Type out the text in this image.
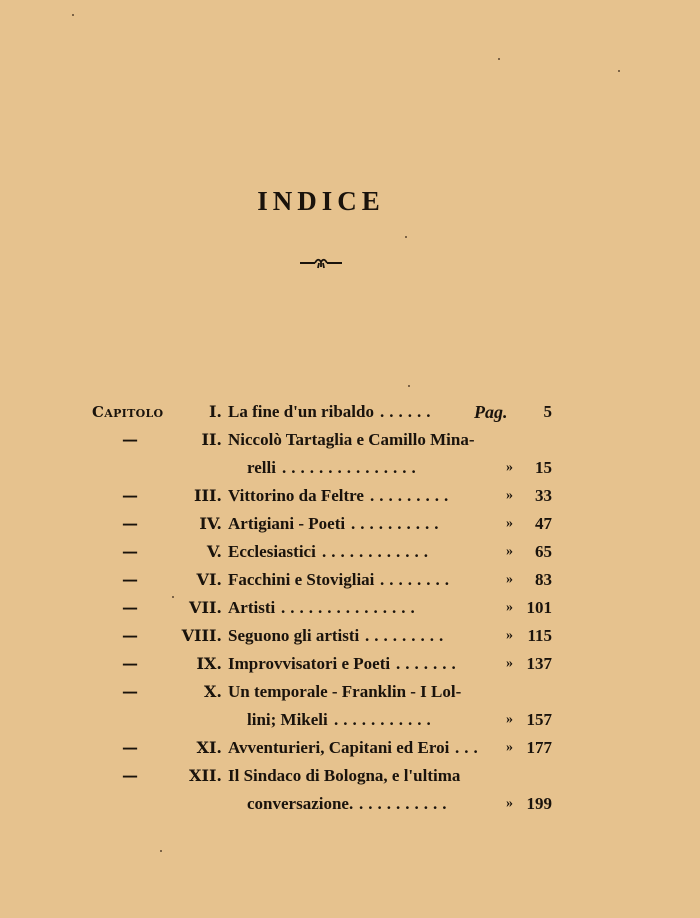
INDICE
Capitolo	I. La fine d'un ribaldo ...... Pag. 5
—	II. Niccolò Tartaglia e Camillo Mina-
relli ...............	» 15
—	III. Vittorino da Feltre .........	» 33
—	IV. Artigiani - Poeti ..........	» 47
—	V. Ecclesiastici ............	» 65
—	VI. Facchini e Stovigliai ........	» 83
—	VII. Artisti ...............	» 101
—	VIII. Seguono gli artisti .........	» 115
—	IX. Improvvisatori e Poeti .......	» 137
—	X. Un temporale - Franklin - I Lol-
lini; Mikeli ...........	» 157
—	XI. Avventurieri, Capitani ed Eroi ... » 177
—	XII. Il Sindaco di Bologna, e l'ultima
conversazione. ..........	» 199
